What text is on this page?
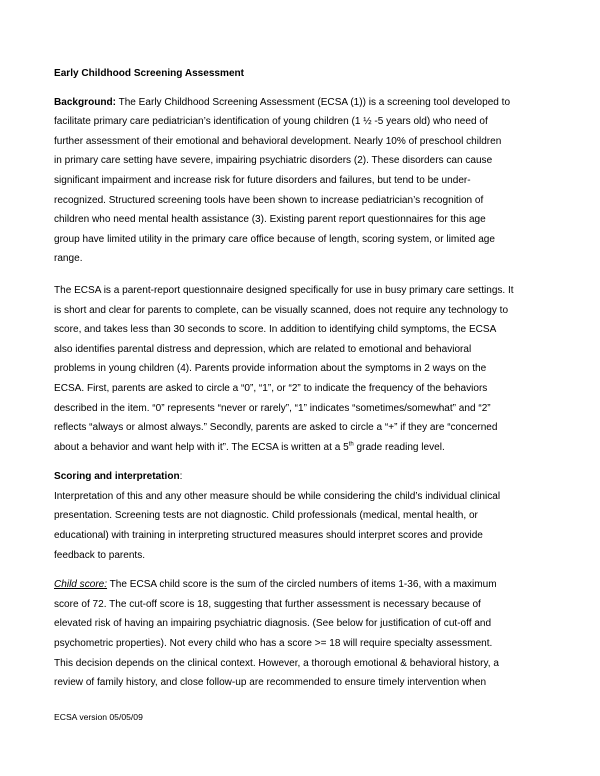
Early Childhood Screening Assessment

Background: The Early Childhood Screening Assessment (ECSA (1)) is a screening tool developed to

facilitate primary care pediatrician’s identification of young children (1 ½ -5 years old) who need of

further assessment of their emotional and behavioral development. Nearly 10% of preschool children

in primary care setting have severe, impairing psychiatric disorders (2). These disorders can cause

significant impairment and increase risk for future disorders and failures, but tend to be under-

recognized. Structured screening tools have been shown to increase pediatrician’s recognition of

children who need mental health assistance (3). Existing parent report questionnaires for this age

group have limited utility in the primary care office because of length, scoring system, or limited age

range.

The ECSA is a parent-report questionnaire designed specifically for use in busy primary care settings. It

is short and clear for parents to complete, can be visually scanned, does not require any technology to

score, and takes less than 30 seconds to score. In addition to identifying child symptoms, the ECSA

also identifies parental distress and depression, which are related to emotional and behavioral

problems in young children (4). Parents provide information about the symptoms in 2 ways on the

ECSA. First, parents are asked to circle a “0”, “1”, or “2” to indicate the frequency of the behaviors

described in the item. “0” represents “never or rarely”, “1” indicates “sometimes/somewhat” and “2”

reflects “always or almost always.” Secondly, parents are asked to circle a “+” if they are “concerned

about a behavior and want help with it”. The ECSA is written at a 5th grade reading level.

Scoring and interpretation:

Interpretation of this and any other measure should be while considering the child’s individual clinical

presentation. Screening tests are not diagnostic. Child professionals (medical, mental health, or

educational) with training in interpreting structured measures should interpret scores and provide

feedback to parents.

Child score: The ECSA child score is the sum of the circled numbers of items 1-36, with a maximum

score of 72. The cut-off score is 18, suggesting that further assessment is necessary because of

elevated risk of having an impairing psychiatric diagnosis. (See below for justification of cut-off and

psychometric properties). Not every child who has a score >= 18 will require specialty assessment.

This decision depends on the clinical context. However, a thorough emotional & behavioral history, a

review of family history, and close follow-up are recommended to ensure timely intervention when

ECSA version 05/05/09
